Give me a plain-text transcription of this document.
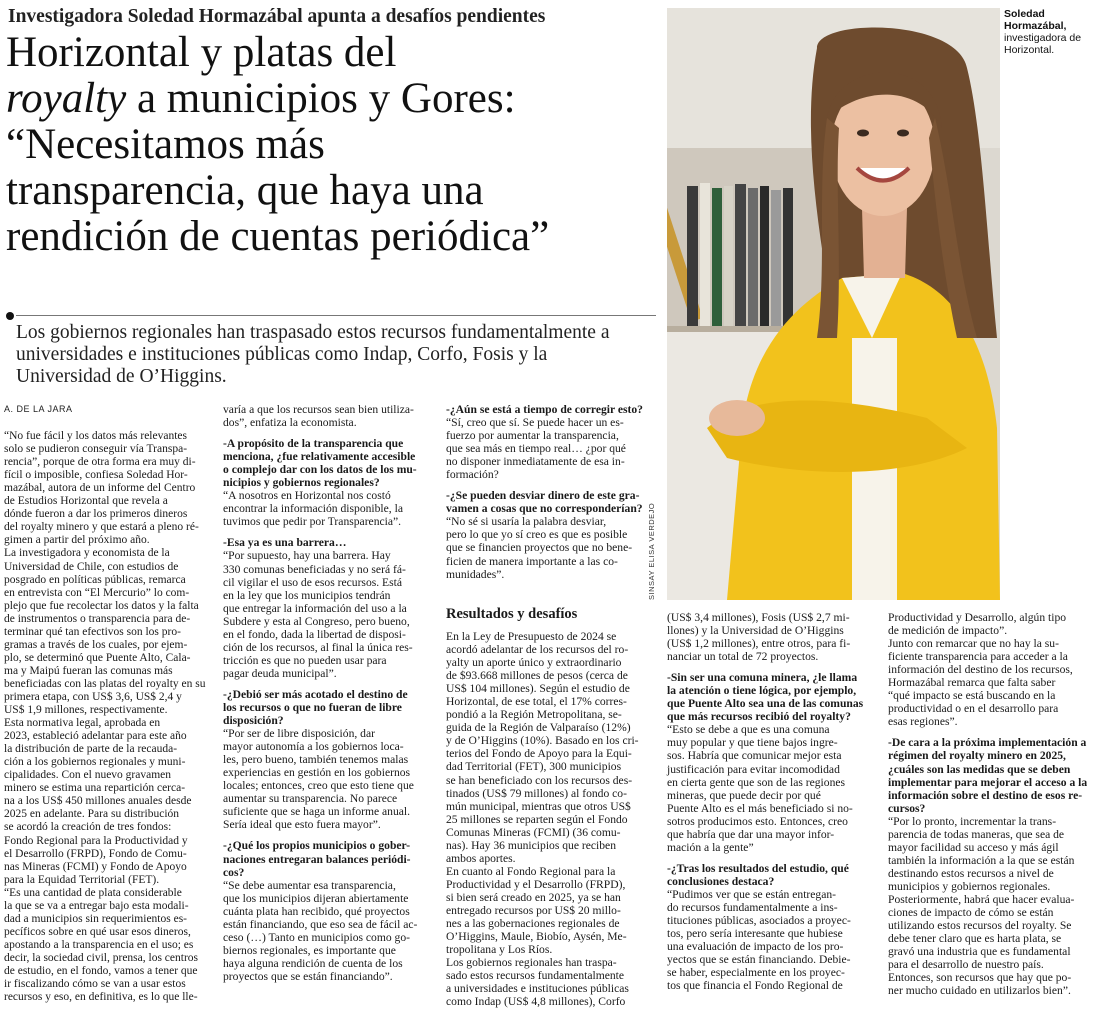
Investigadora Soledad Hormazábal apunta a desafíos pendientes
Horizontal y platas del
royalty a municipios y Gores:
“Necesitamos más
transparencia, que haya una
rendición de cuentas periódica”
Los gobiernos regionales han traspasado estos recursos fundamentalmente a
universidades e instituciones públicas como Indap, Corfo, Fosis y la
Universidad de O’Higgins.
Soledad Hormazábal,
investigadora de Horizontal.
SINSAY ELISA VERDEJO
A. DE LA JARA
“No fue fácil y los datos más relevantes
solo se pudieron conseguir vía Transpa-
rencia”, porque de otra forma era muy di-
fícil o imposible, confiesa Soledad Hor-
mazábal, autora de un informe del Centro
de Estudios Horizontal que revela a
dónde fueron a dar los primeros dineros
del royalty minero y que estará a pleno ré-
gimen a partir del próximo año.
La investigadora y economista de la
Universidad de Chile, con estudios de
posgrado en políticas públicas, remarca
en entrevista con “El Mercurio” lo com-
plejo que fue recolectar los datos y la falta
de instrumentos o transparencia para de-
terminar qué tan efectivos son los pro-
gramas a través de los cuales, por ejem-
plo, se determinó que Puente Alto, Cala-
ma y Maipú fueran las comunas más
beneficiadas con las platas del royalty en su
primera etapa, con US$ 3,6, US$ 2,4 y
US$ 1,9 millones, respectivamente.
Esta normativa legal, aprobada en
2023, estableció adelantar para este año
la distribución de parte de la recauda-
ción a los gobiernos regionales y muni-
cipalidades. Con el nuevo gravamen
minero se estima una repartición cerca-
na a los US$ 450 millones anuales desde
2025 en adelante. Para su distribución
se acordó la creación de tres fondos:
Fondo Regional para la Productividad y
el Desarrollo (FRPD), Fondo de Comu-
nas Mineras (FCMI) y Fondo de Apoyo
para la Equidad Territorial (FET).
“Es una cantidad de plata considerable
la que se va a entregar bajo esta modali-
dad a municipios sin requerimientos es-
pecíficos sobre en qué usar esos dineros,
apostando a la transparencia en el uso; es
decir, la sociedad civil, prensa, los centros
de estudio, en el fondo, vamos a tener que
ir fiscalizando cómo se van a usar estos
recursos y eso, en definitiva, es lo que lle-
varía a que los recursos sean bien utiliza-
dos”, enfatiza la economista.
-A propósito de la transparencia que
menciona, ¿fue relativamente accesible
o complejo dar con los datos de los mu-
nicipios y gobiernos regionales?
“A nosotros en Horizontal nos costó
encontrar la información disponible, la
tuvimos que pedir por Transparencia”.
-Esa ya es una barrera…
“Por supuesto, hay una barrera. Hay
330 comunas beneficiadas y no será fá-
cil vigilar el uso de esos recursos. Está
en la ley que los municipios tendrán
que entregar la información del uso a la
Subdere y esta al Congreso, pero bueno,
en el fondo, dada la libertad de disposi-
ción de los recursos, al final la única res-
tricción es que no pueden usar para
pagar deuda municipal”.
-¿Debió ser más acotado el destino de
los recursos o que no fueran de libre
disposición?
“Por ser de libre disposición, dar
mayor autonomía a los gobiernos loca-
les, pero bueno, también tenemos malas
experiencias en gestión en los gobiernos
locales; entonces, creo que esto tiene que
aumentar su transparencia. No parece
suficiente que se haga un informe anual.
Sería ideal que esto fuera mayor”.
-¿Qué los propios municipios o gober-
naciones entregaran balances periódi-
cos?
“Se debe aumentar esa transparencia,
que los municipios dijeran abiertamente
cuánta plata han recibido, qué proyectos
están financiando, que eso sea de fácil ac-
ceso (…) Tanto en municipios como go-
biernos regionales, es importante que
haya alguna rendición de cuenta de los
proyectos que se están financiando”.
-¿Aún se está a tiempo de corregir esto?
“Sí, creo que sí. Se puede hacer un es-
fuerzo por aumentar la transparencia,
que sea más en tiempo real… ¿por qué
no disponer inmediatamente de esa in-
formación?
-¿Se pueden desviar dinero de este gra-
vamen a cosas que no corresponderían?
“No sé si usaría la palabra desviar,
pero lo que yo sí creo es que es posible
que se financien proyectos que no bene-
ficien de manera importante a las co-
munidades”.
Resultados y desafíos
En la Ley de Presupuesto de 2024 se
acordó adelantar de los recursos del ro-
yalty un aporte único y extraordinario
de $93.668 millones de pesos (cerca de
US$ 104 millones). Según el estudio de
Horizontal, de ese total, el 17% corres-
pondió a la Región Metropolitana, se-
guida de la Región de Valparaíso (12%)
y de O’Higgins (10%). Basado en los cri-
terios del Fondo de Apoyo para la Equi-
dad Territorial (FET), 300 municipios
se han beneficiado con los recursos des-
tinados (US$ 79 millones) al fondo co-
mún municipal, mientras que otros US$
25 millones se reparten según el Fondo
Comunas Mineras (FCMI) (36 comu-
nas). Hay 36 municipios que reciben
ambos aportes.
En cuanto al Fondo Regional para la
Productividad y el Desarrollo (FRPD),
si bien será creado en 2025, ya se han
entregado recursos por US$ 20 millo-
nes a las gobernaciones regionales de
O’Higgins, Maule, Biobío, Aysén, Me-
tropolitana y Los Ríos.
Los gobiernos regionales han traspa-
sado estos recursos fundamentalmente
a universidades e instituciones públicas
como Indap (US$ 4,8 millones), Corfo
(US$ 3,4 millones), Fosis (US$ 2,7 mi-
llones) y la Universidad de O’Higgins
(US$ 1,2 millones), entre otros, para fi-
nanciar un total de 72 proyectos.
-Sin ser una comuna minera, ¿le llama
la atención o tiene lógica, por ejemplo,
que Puente Alto sea una de las comunas
que más recursos recibió del royalty?
“Esto se debe a que es una comuna
muy popular y que tiene bajos ingre-
sos. Habría que comunicar mejor esta
justificación para evitar incomodidad
en cierta gente que son de las regiones
mineras, que puede decir por qué
Puente Alto es el más beneficiado si no-
sotros producimos esto. Entonces, creo
que habría que dar una mayor infor-
mación a la gente”
-¿Tras los resultados del estudio, qué
conclusiones destaca?
“Pudimos ver que se están entregan-
do recursos fundamentalmente a ins-
tituciones públicas, asociados a proyec-
tos, pero sería interesante que hubiese
una evaluación de impacto de los pro-
yectos que se están financiando. Debie-
se haber, especialmente en los proyec-
tos que financia el Fondo Regional de
Productividad y Desarrollo, algún tipo
de medición de impacto”.
Junto con remarcar que no hay la su-
ficiente transparencia para acceder a la
información del destino de los recursos,
Hormazábal remarca que falta saber
“qué impacto se está buscando en la
productividad o en el desarrollo para
esas regiones”.
-De cara a la próxima implementación a
régimen del royalty minero en 2025,
¿cuáles son las medidas que se deben
implementar para mejorar el acceso a la
información sobre el destino de esos re-
cursos?
“Por lo pronto, incrementar la trans-
parencia de todas maneras, que sea de
mayor facilidad su acceso y más ágil
también la información a la que se están
destinando estos recursos a nivel de
municipios y gobiernos regionales.
Posteriormente, habrá que hacer evalua-
ciones de impacto de cómo se están
utilizando estos recursos del royalty. Se
debe tener claro que es harta plata, se
gravó una industria que es fundamental
para el desarrollo de nuestro país.
Entonces, son recursos que hay que po-
ner mucho cuidado en utilizarlos bien”.
